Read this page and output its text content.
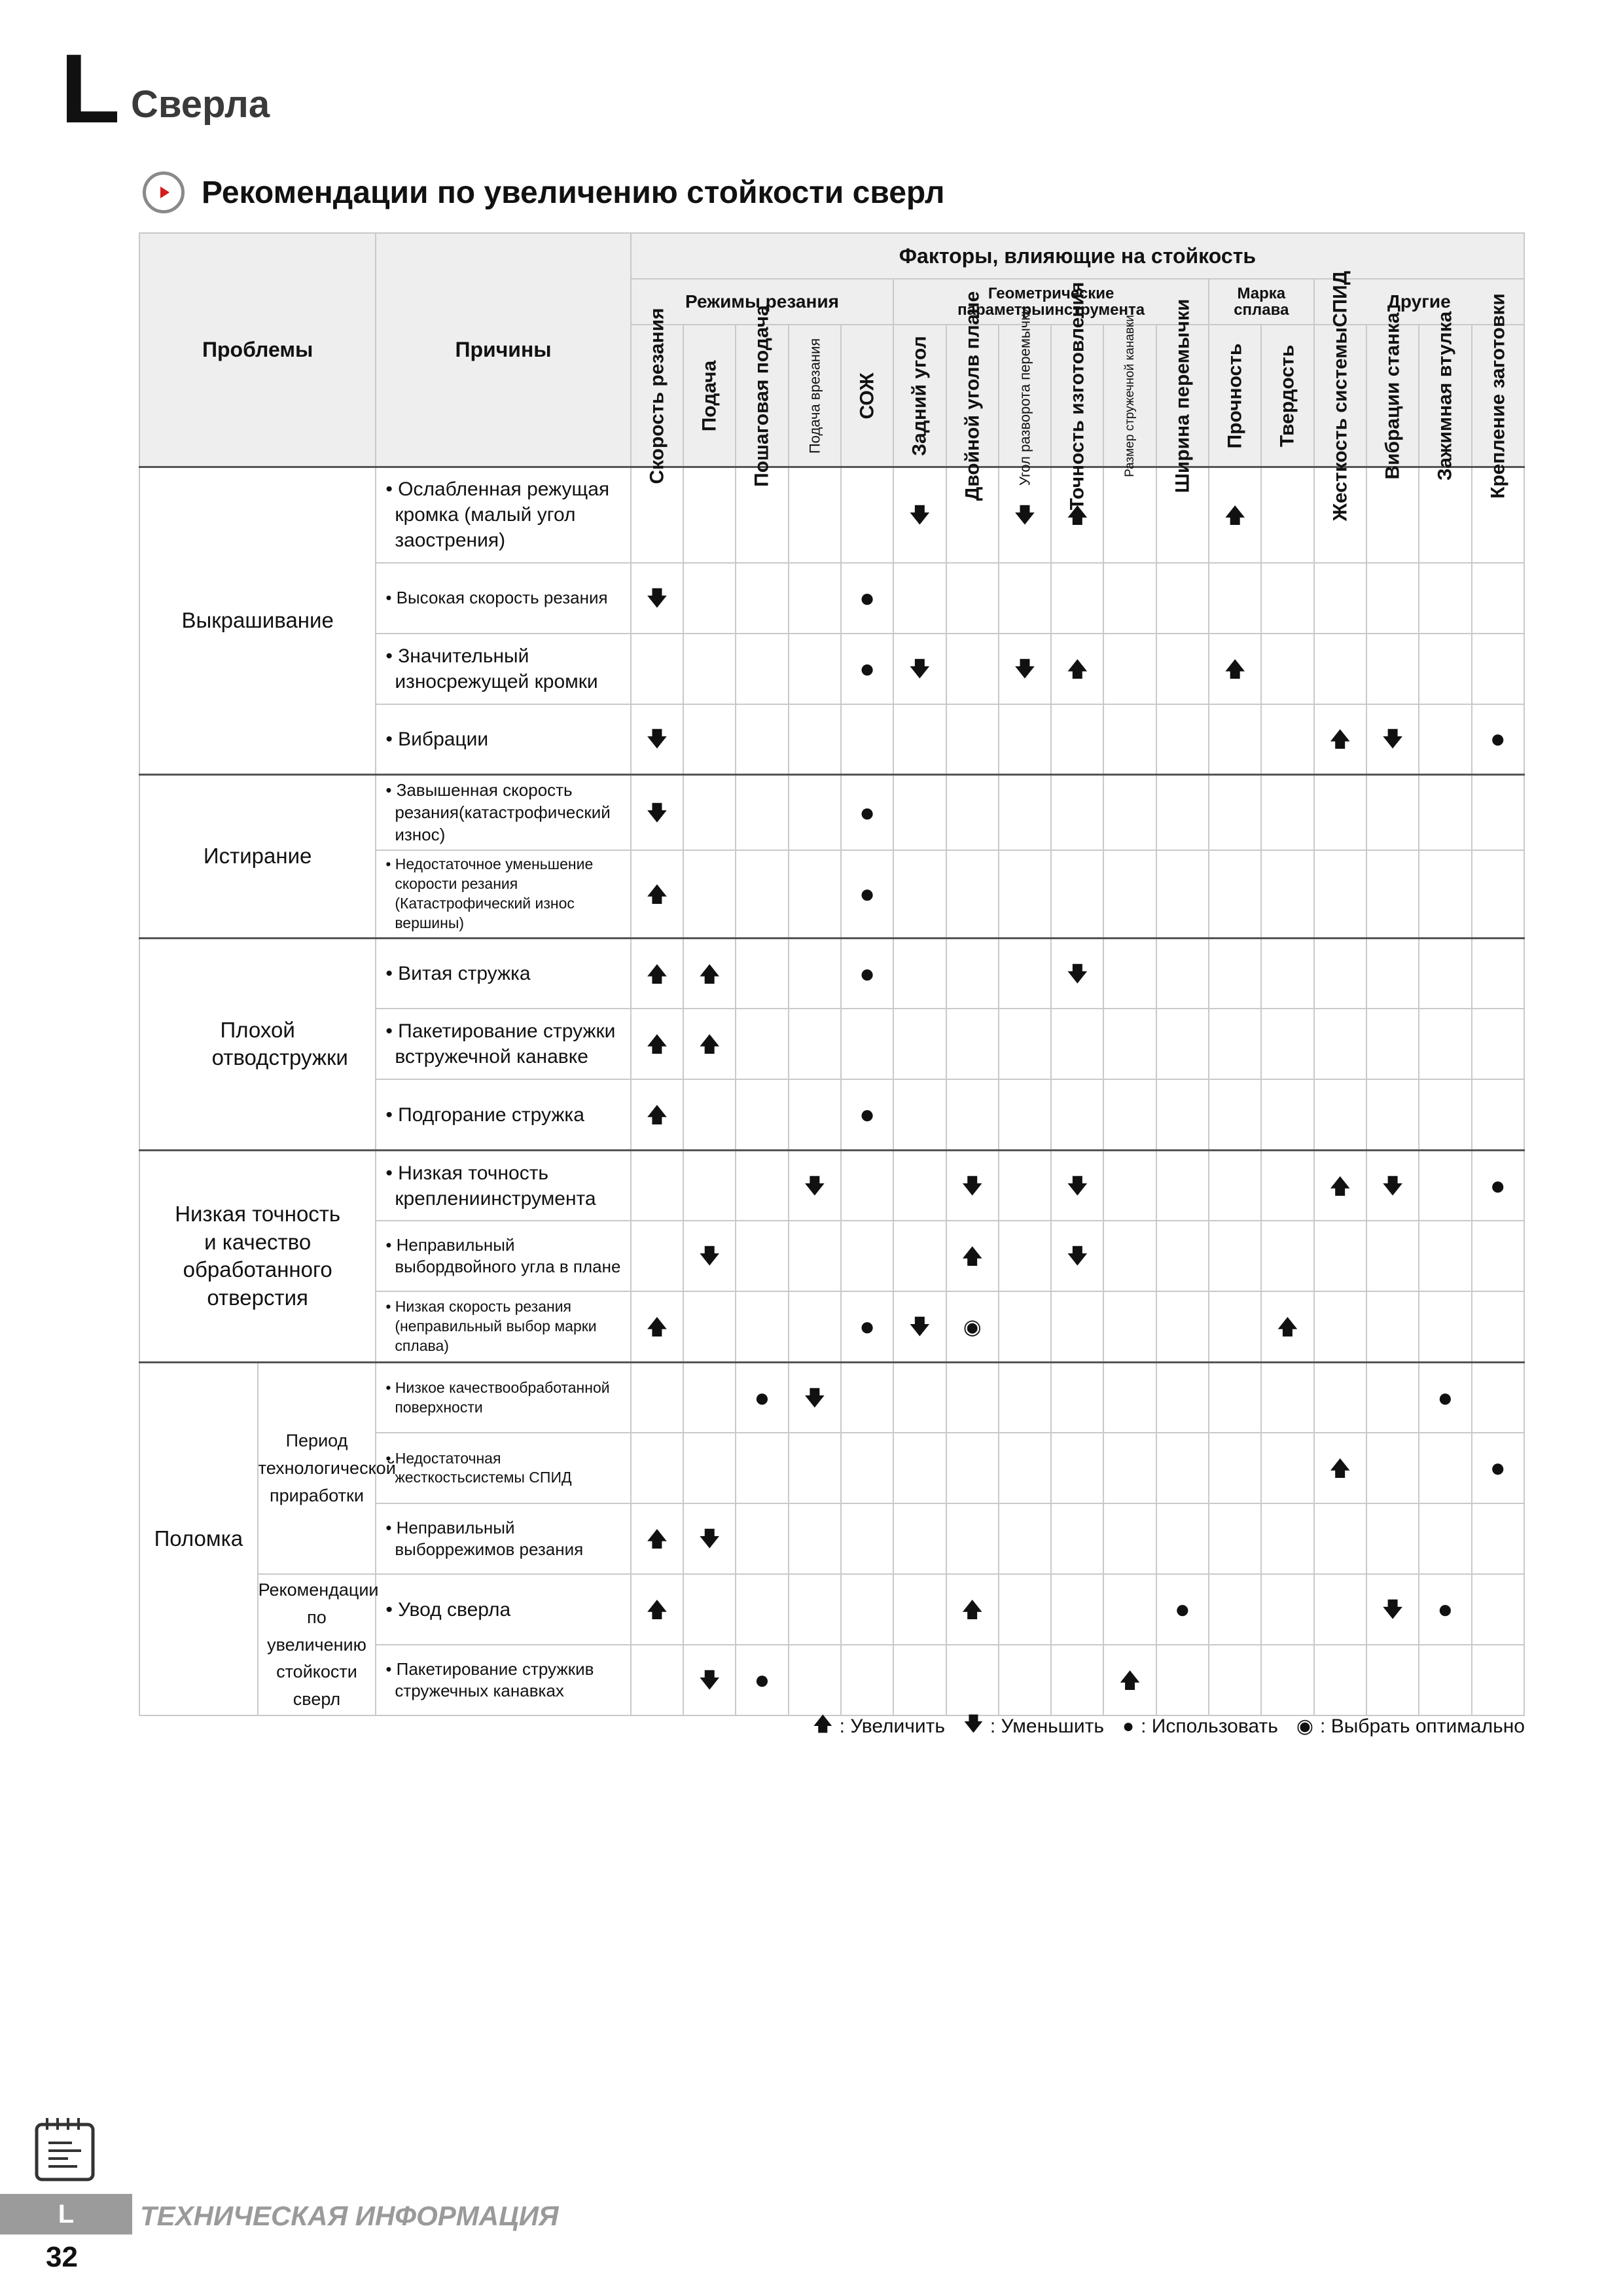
L Сверла
Рекомендации по увеличению стойкости сверл
Проблемы		Причины	Факторы, влияющие на стойкость																
			Режимы резания					Геометрические параметрыинструмента						Марка сплава		Другие			

			Скорость резания	Подача	Пошаговая подача	Подача врезания	СОЖ	Задний угол	Двойной уголв плане	Угол разворота перемычки	Точность изготовления	Размер стружечной канавки	Ширина перемычки	Прочность	Твердость	Жесткость системыСПИД	Вибрации станка	Зажимная втулка	Крепление заготовки

Выкрашивание		• Ослабленная режущая кромка (малый угол заострения)						🡇		🡇	🡅			🡅					

		• Высокая скорость резания	🡇				●												

		• Значительный износрежущей кромки					●	🡇		🡇	🡅			🡅					

		• Вибрации	🡇													🡅	🡇		●
Истирание		• Завышенная скорость резания(катастрофический износ)	🡇				●												

		• Недостаточное уменьшение скорости резания (Катастрофический износ вершины)	🡅				●												

Плохой отводстружки		• Витая стружка	🡅	🡅			●				🡇								

		• Пакетирование стружки встружечной канавке	🡅	🡅															

		• Подгорание стружка	🡅				●												

Низкая точность и качество обработанного отверстия		• Низкая точность креплениинструмента				🡇			🡇		🡇					🡅	🡇		●

		• Неправильный выбордвойного угла в плане		🡇					🡅		🡇								

		• Низкая скорость резания (неправильный выбор марки сплава)	🡅				●	🡇	◉						🡅				
Поломка	Период технологической приработки	• Низкое качествообработанной поверхности			●	🡇												●	

		• Недостаточная жесткостьсистемы СПИД														🡅			●

		• Неправильный выборрежимов резания	🡅	🡇															
	Рекомендации по увеличению стойкости сверл	• Увод сверла	🡅						🡅				●				🡇	●	

		• Пакетирование стружкив стружечных канавках		🡇	●							🡅							
🡅 : Увеличить 🡇 : Уменьшить ● : Использовать ◉ : Выбрать оптимально
L	ТЕХНИЧЕСКАЯ ИНФОРМАЦИЯ
32
